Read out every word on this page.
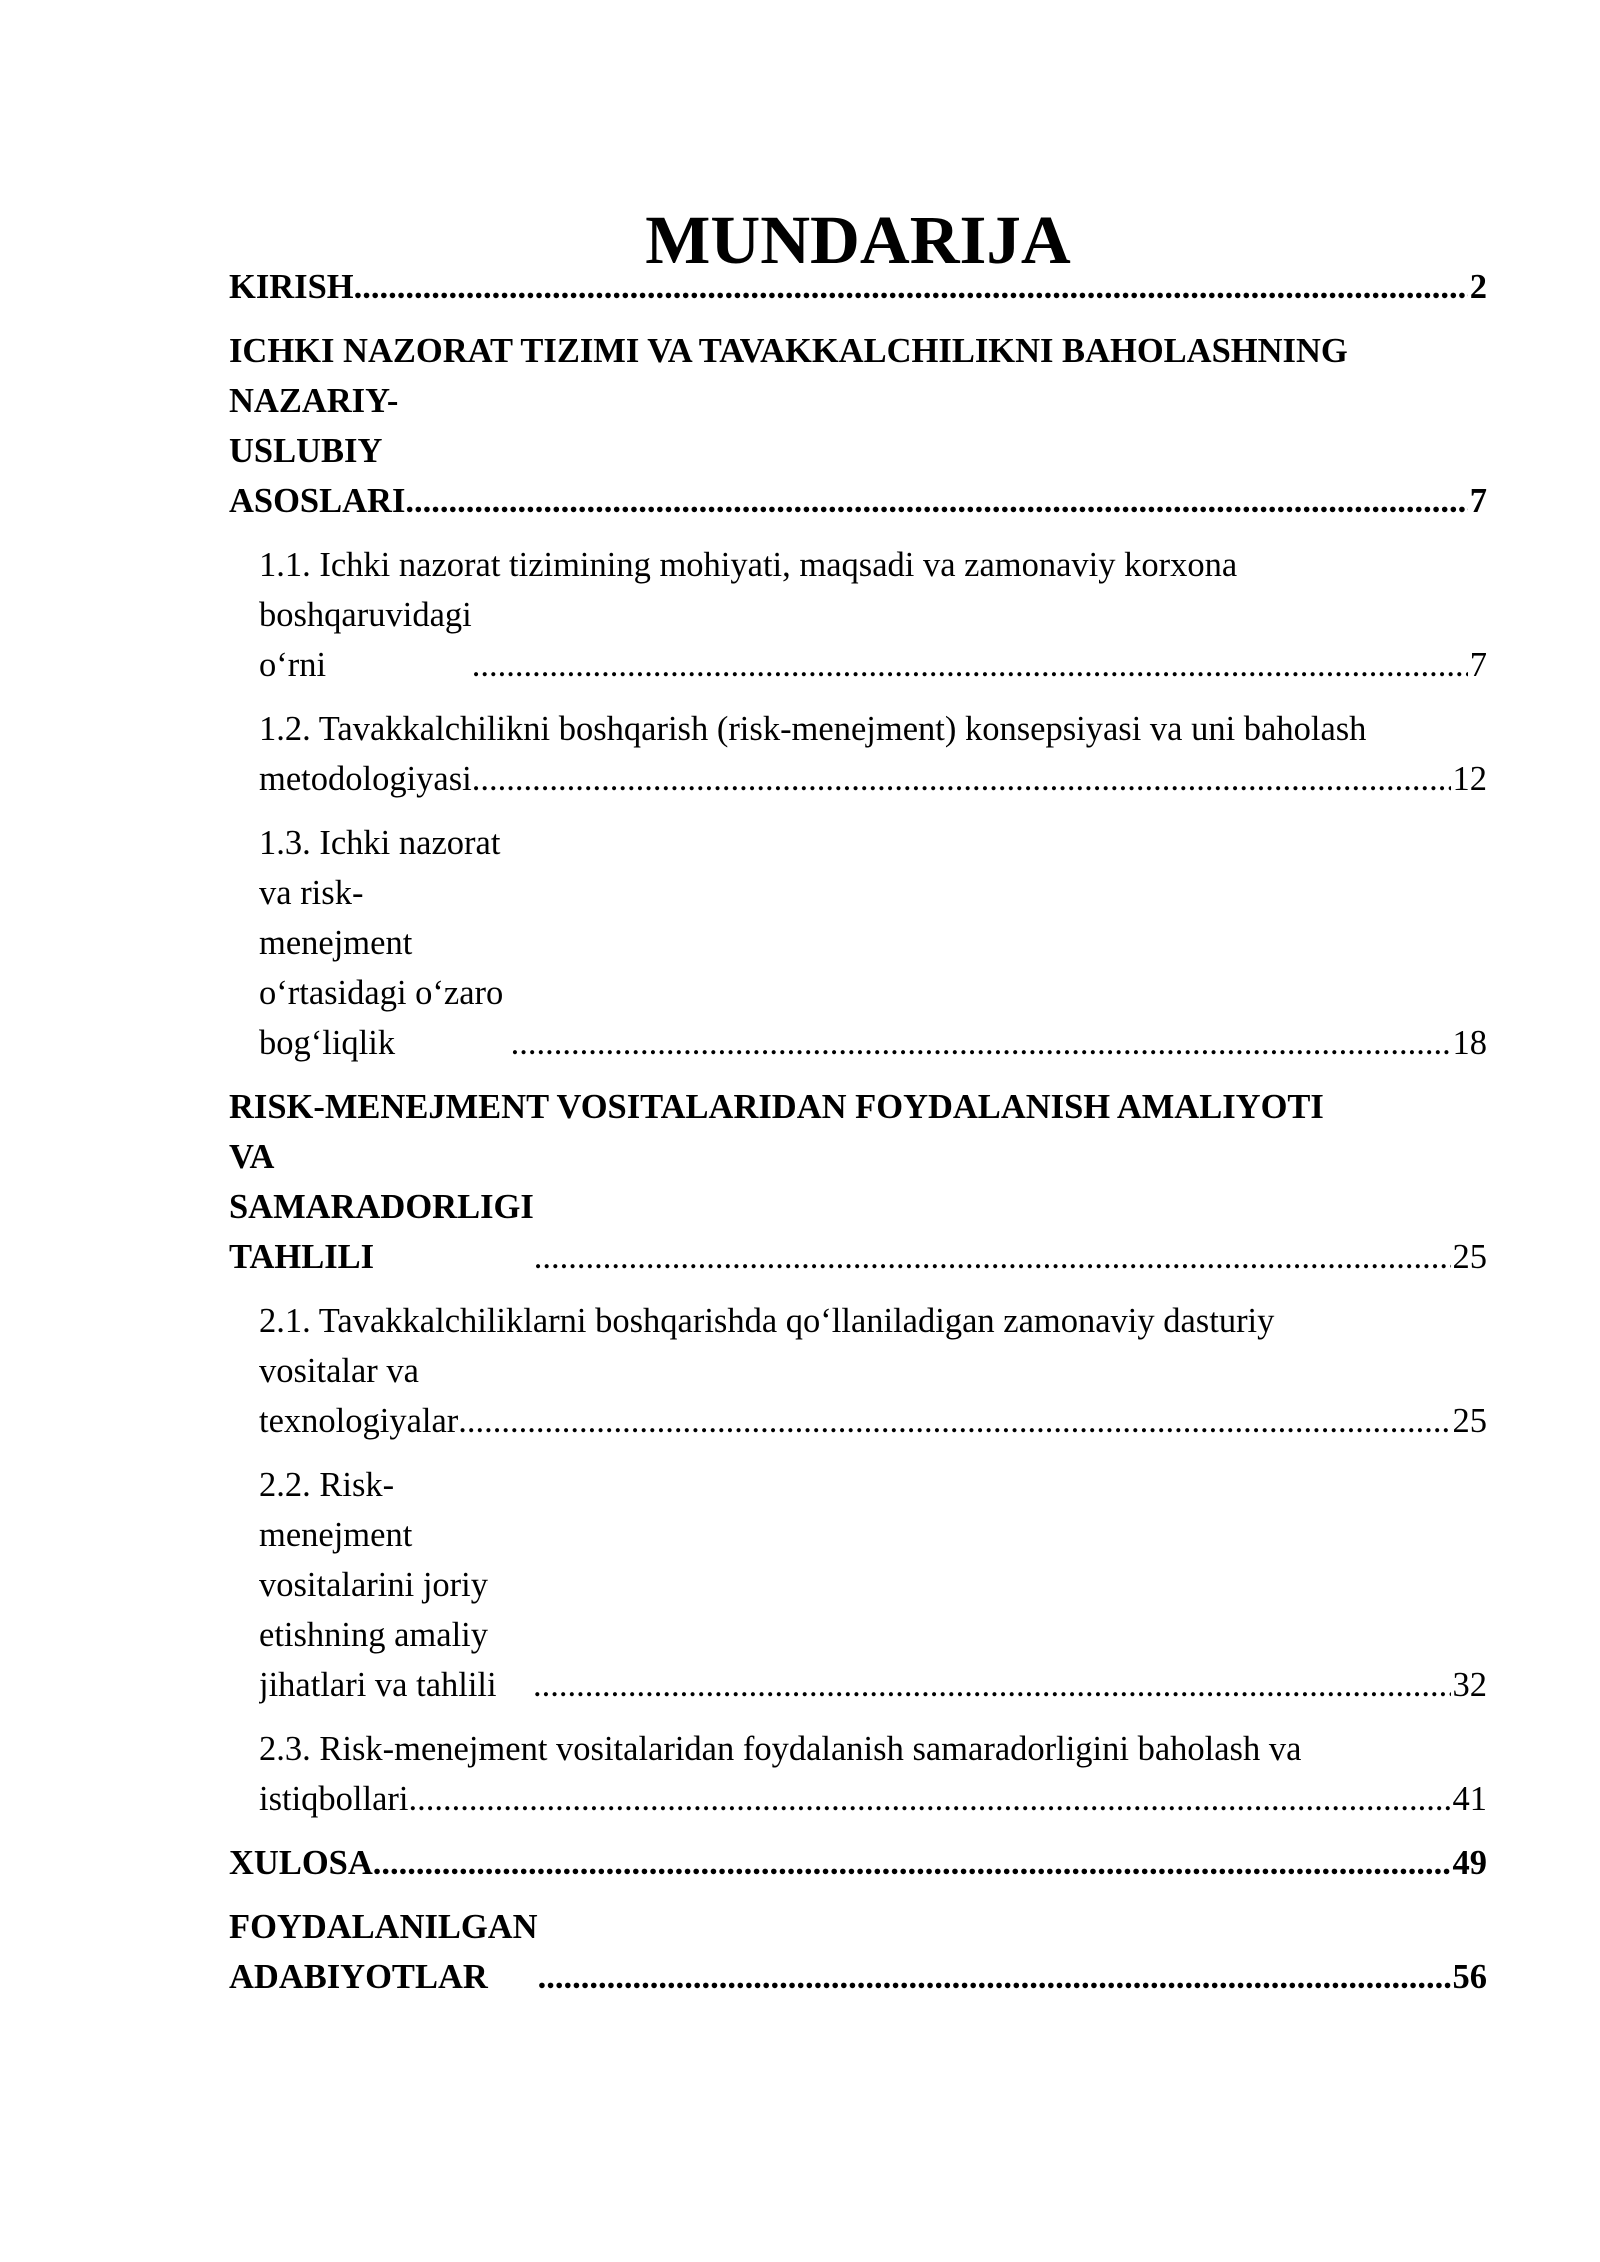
MUNDARIJA
KIRISH .....	2
ICHKI NAZORAT TIZIMI VA TAVAKKALCHILIKNI BAHOLASHNING
NAZARIY-USLUBIY ASOSLARI .....	7
1.1. Ichki nazorat tizimining mohiyati, maqsadi va zamonaviy korxona
boshqaruvidagi o‘rni .....	7
1.2. Tavakkalchilikni boshqarish (risk-menejment) konsepsiyasi va uni baholash
metodologiyasi .....	12
1.3. Ichki nazorat va risk-menejment o‘rtasidagi o‘zaro bog‘liqlik .....	18
RISK-MENEJMENT VOSITALARIDAN FOYDALANISH AMALIYOTI
VA SAMARADORLIGI TAHLILI .....	25
2.1. Tavakkalchiliklarni boshqarishda qo‘llaniladigan zamonaviy dasturiy
vositalar va texnologiyalar .....	25
2.2. Risk-menejment vositalarini joriy etishning amaliy jihatlari va tahlili .....	32
2.3. Risk-menejment vositalaridan foydalanish samaradorligini baholash va
istiqbollari .....	41
XULOSA .....	49
FOYDALANILGAN ADABIYOTLAR .....	56
